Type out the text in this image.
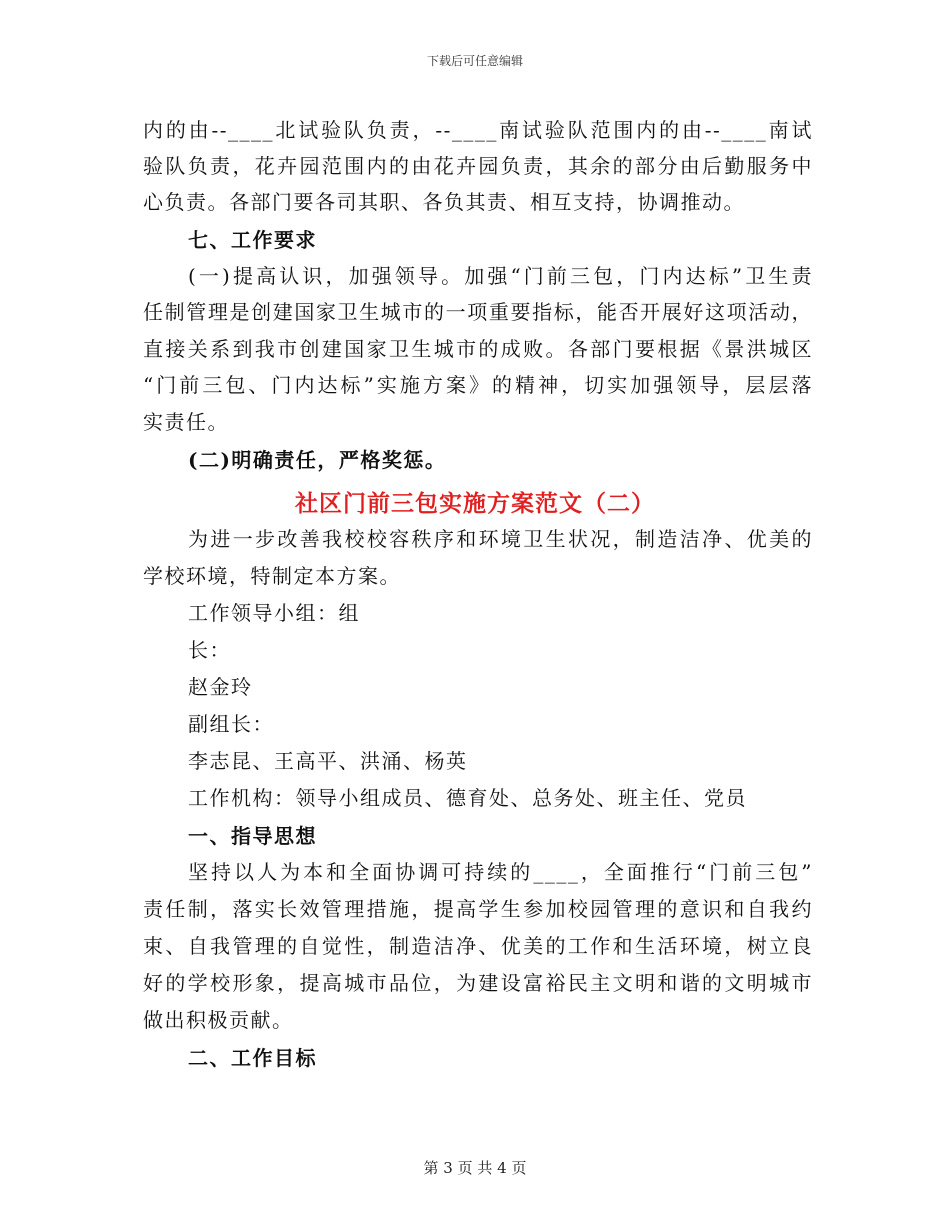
下载后可任意编辑
内的由--____北试验队负责，--____南试验队范围内的由--____南试
验队负责，花卉园范围内的由花卉园负责，其余的部分由后勤服务中
心负责。各部门要各司其职、各负其责、相互支持，协调推动。
七、工作要求
(一)提高认识，加强领导。加强“门前三包，门内达标”卫生责
任制管理是创建国家卫生城市的一项重要指标，能否开展好这项活动，
直接关系到我市创建国家卫生城市的成败。各部门要根据《景洪城区
“门前三包、门内达标”实施方案》的精神，切实加强领导，层层落
实责任。
(二)明确责任，严格奖惩。
社区门前三包实施方案范文（二）
为进一步改善我校校容秩序和环境卫生状况，制造洁净、优美的
学校环境，特制定本方案。
工作领导小组：组
长：
赵金玲
副组长：
李志昆、王高平、洪涌、杨英
工作机构：领导小组成员、德育处、总务处、班主任、党员
一、指导思想
坚持以人为本和全面协调可持续的____，全面推行“门前三包”
责任制，落实长效管理措施，提高学生参加校园管理的意识和自我约
束、自我管理的自觉性，制造洁净、优美的工作和生活环境，树立良
好的学校形象，提高城市品位，为建设富裕民主文明和谐的文明城市
做出积极贡献。
二、工作目标
第 3 页 共 4 页
